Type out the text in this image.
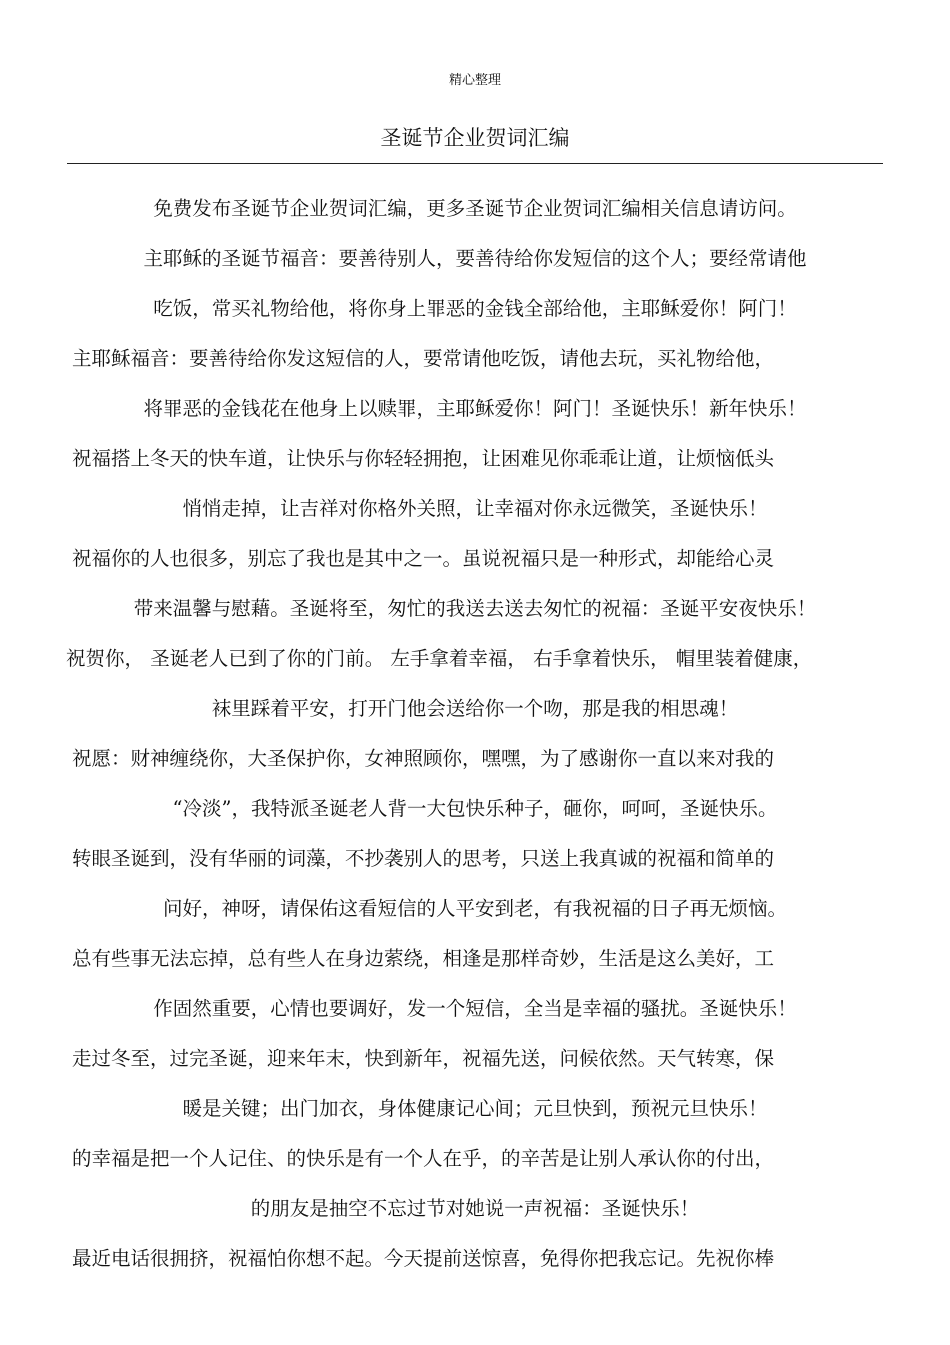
精心整理
圣诞节企业贺词汇编
免费发布圣诞节企业贺词汇编，更多圣诞节企业贺词汇编相关信息请访问。
主耶稣的圣诞节福音：要善待别人，要善待给你发短信的这个人；要经常请他
吃饭，常买礼物给他，将你身上罪恶的金钱全部给他，主耶稣爱你！阿门！
主耶稣福音：要善待给你发这短信的人，要常请他吃饭，请他去玩，买礼物给他，
将罪恶的金钱花在他身上以赎罪，主耶稣爱你！阿门！圣诞快乐！新年快乐！
祝福搭上冬天的快车道，让快乐与你轻轻拥抱，让困难见你乖乖让道，让烦恼低头
悄悄走掉，让吉祥对你格外关照，让幸福对你永远微笑，圣诞快乐！
祝福你的人也很多，别忘了我也是其中之一。虽说祝福只是一种形式，却能给心灵
带来温馨与慰藉。圣诞将至，匆忙的我送去送去匆忙的祝福：圣诞平安夜快乐！
祝贺你， 圣诞老人已到了你的门前。 左手拿着幸福， 右手拿着快乐， 帽里装着健康，
袜里踩着平安，打开门他会送给你一个吻，那是我的相思魂！
祝愿：财神缠绕你，大圣保护你，女神照顾你，嘿嘿，为了感谢你一直以来对我的
“冷淡”，我特派圣诞老人背一大包快乐种子，砸你，呵呵，圣诞快乐。
转眼圣诞到，没有华丽的词藻，不抄袭别人的思考，只送上我真诚的祝福和简单的
问好，神呀，请保佑这看短信的人平安到老，有我祝福的日子再无烦恼。
总有些事无法忘掉，总有些人在身边萦绕，相逢是那样奇妙，生活是这么美好，工
作固然重要，心情也要调好，发一个短信，全当是幸福的骚扰。圣诞快乐！
走过冬至，过完圣诞，迎来年末，快到新年，祝福先送，问候依然。天气转寒，保
暖是关键；出门加衣，身体健康记心间；元旦快到，预祝元旦快乐！
的幸福是把一个人记住、的快乐是有一个人在乎，的辛苦是让别人承认你的付出，
的朋友是抽空不忘过节对她说一声祝福：圣诞快乐！
最近电话很拥挤，祝福怕你想不起。今天提前送惊喜，免得你把我忘记。先祝你棒
